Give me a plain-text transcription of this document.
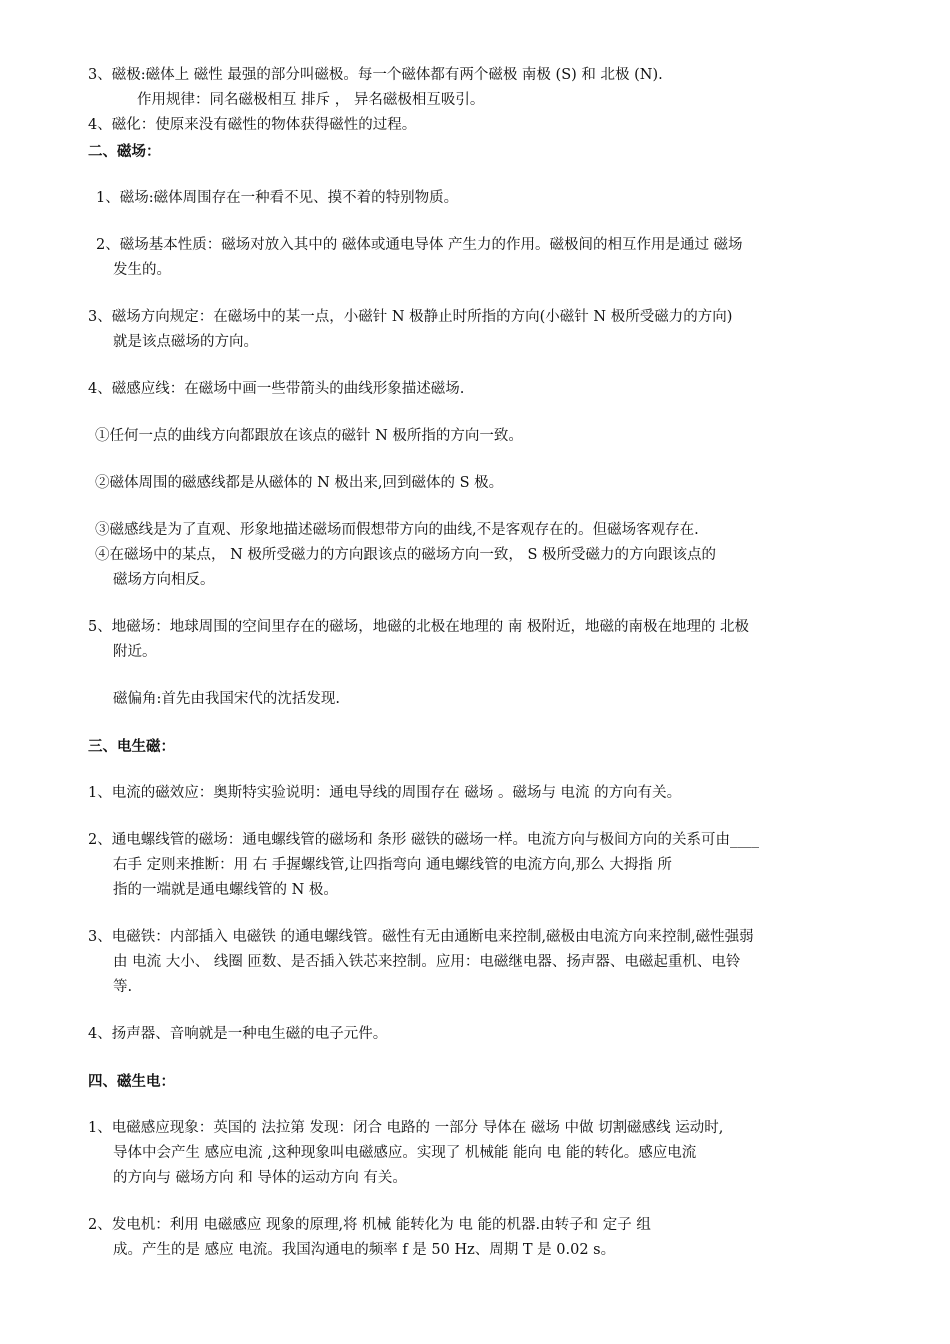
3、磁极:磁体上 磁性 最强的部分叫磁极。每一个磁体都有两个磁极 南极 (S) 和 北极 (N).
作用规律：同名磁极相互 排斥 ， 异名磁极相互吸引。
4、磁化：使原来没有磁性的物体获得磁性的过程。
二、磁场：
1、磁场:磁体周围存在一种看不见、摸不着的特别物质。
2、磁场基本性质：磁场对放入其中的 磁体或通电导体 产生力的作用。磁极间的相互作用是通过 磁场
发生的。
3、磁场方向规定：在磁场中的某一点，小磁针 N 极静止时所指的方向(小磁针 N 极所受磁力的方向)
就是该点磁场的方向。
4、磁感应线：在磁场中画一些带箭头的曲线形象描述磁场.
①任何一点的曲线方向都跟放在该点的磁针 N 极所指的方向一致。
②磁体周围的磁感线都是从磁体的 N 极出来,回到磁体的 S 极。
③磁感线是为了直观、形象地描述磁场而假想带方向的曲线,不是客观存在的。但磁场客观存在.
④在磁场中的某点， N 极所受磁力的方向跟该点的磁场方向一致， S 极所受磁力的方向跟该点的
磁场方向相反。
5、地磁场：地球周围的空间里存在的磁场，地磁的北极在地理的 南 极附近，地磁的南极在地理的 北极
附近。
磁偏角:首先由我国宋代的沈括发现.
三、电生磁：
1、电流的磁效应：奥斯特实验说明：通电导线的周围存在 磁场 。磁场与 电流 的方向有关。
2、通电螺线管的磁场：通电螺线管的磁场和 条形 磁铁的磁场一样。电流方向与极间方向的关系可由____
右手 定则来推断：用 右 手握螺线管,让四指弯向 通电螺线管的电流方向,那么 大拇指 所
指的一端就是通电螺线管的 N 极。
3、电磁铁：内部插入 电磁铁 的通电螺线管。磁性有无由通断电来控制,磁极由电流方向来控制,磁性强弱
由 电流 大小、 线圈 匝数、是否插入铁芯来控制。应用：电磁继电器、扬声器、电磁起重机、电铃
等.
4、扬声器、音响就是一种电生磁的电子元件。
四、磁生电：
1、电磁感应现象：英国的 法拉第 发现：闭合 电路的 一部分 导体在 磁场 中做 切割磁感线 运动时,
导体中会产生 感应电流 ,这种现象叫电磁感应。实现了 机械能 能向 电 能的转化。感应电流
的方向与 磁场方向 和 导体的运动方向 有关。
2、发电机：利用 电磁感应 现象的原理,将 机械 能转化为 电 能的机器.由转子和 定子 组
成。产生的是 感应 电流。我国沟通电的频率 f 是 50 Hz、周期 T 是 0.02 s。
